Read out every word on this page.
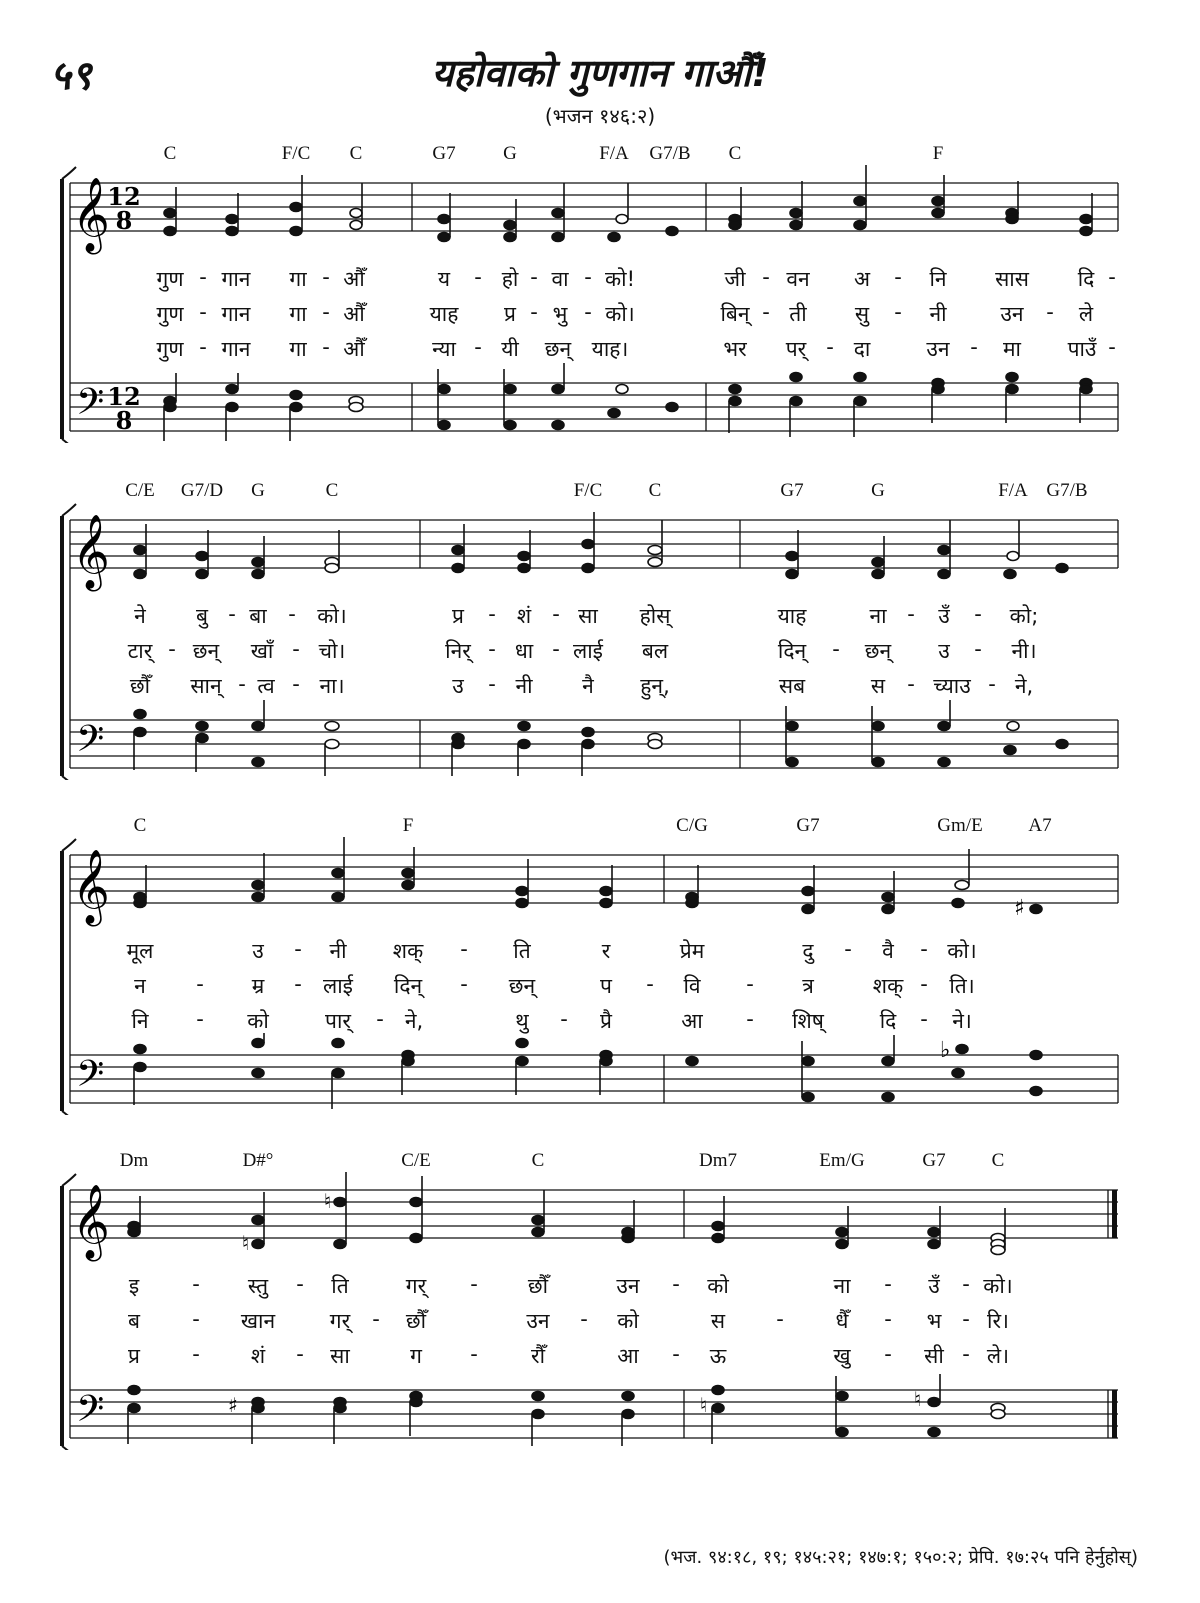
५९	यहोवाको गुणगान गाऔँ!
(भजन १४६:२)
C	F/C C	G7	G	F/A G7/B C	F
𝄞
𝄢
12
8
12
8
गुण - गान गा - औँ	य - हो - वा - को!	जी - वन अ - नि सास दि -
गुण - गान गा - औँ	याह प्र - भु - को।	बिन् - ती सु - नी	उन - ले
गुण - गान गा - औँ	न्या - यी छन् याह।	भर पर् - दा	उन - मा पाउँ -
C/E G7/D G	C	F/C C	G7	G	F/A G7/B
𝄞
𝄢
ने बु - बा - को।	प्र - शं - सा होस्	याह	ना - उँ - को;
टार् - छन् खाँ - चो।	निर् - धा - लाई बल	दिन् - छन् उ - नी।
छौँ सान् - त्व - ना।	उ - नी नै हुन्,	सब	स - च्याउ - ने,
C	F	C/G	G7	Gm/E A7
𝄞
𝄢
♯
♭
मूल	उ - नी शक् - ति	र	प्रेम	दु - वै - को।
न - म्र - लाई दिन् - छन्	प - वि - त्र	शक् - ति।
नि - को	पार् - ने,	थु - प्रै	आ - शिष्	दि - ने।
Dm	D#°	C/E	C	Dm7	Em/G	G7 C
𝄞
𝄢
♮
♮
♯	♮	♮
इ	- स्तु - ति	गर् - छौँ	उन - को	ना - उँ - को।
ब - खान	गर् - छौँ	उन - को	स - धैँ - भ - रि।
प्र - शं - सा	ग -	रौँ	आ - ऊ	खु - सी - ले।
(भज. ९४:१८, १९; १४५:२१; १४७:१; १५०:२; प्रेपि. १७:२५ पनि हेर्नुहोस्)
